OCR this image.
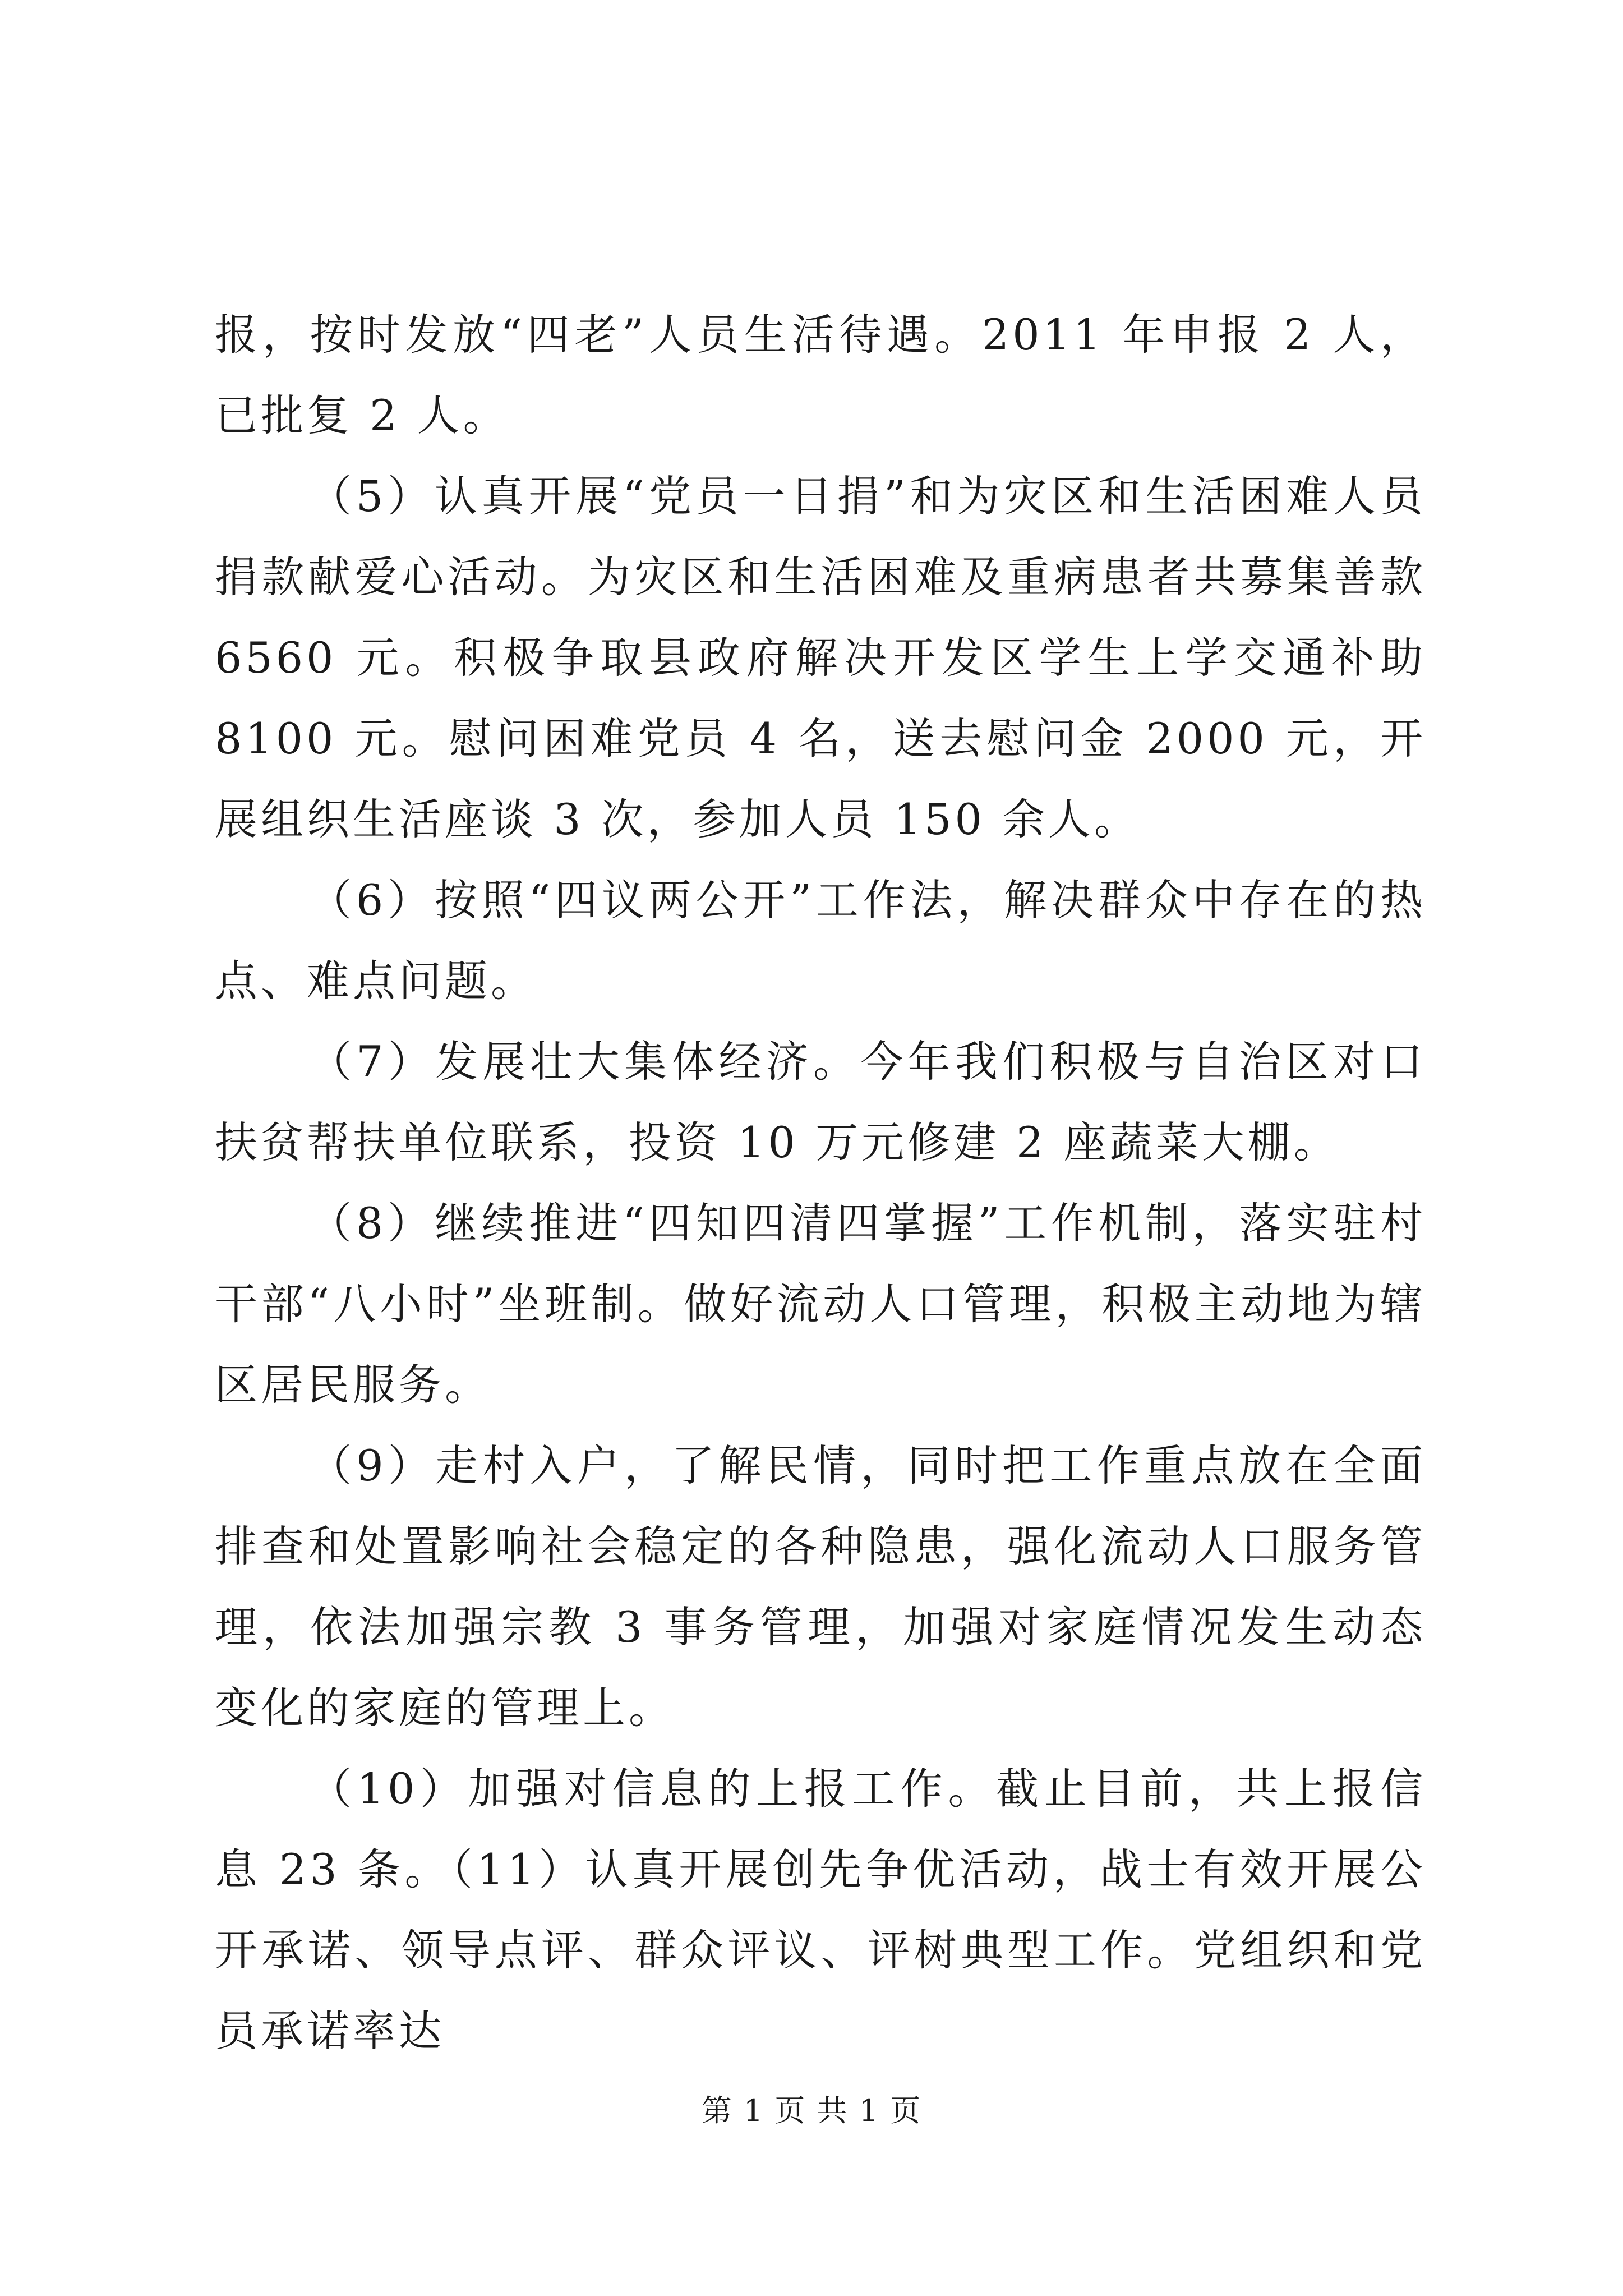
报，按时发放“四老”人员生活待遇。2011 年申报 2 人，已批复 2 人。

（5）认真开展“党员一日捐”和为灾区和生活困难人员捐款献爱心活动。为灾区和生活困难及重病患者共募集善款 6560 元。积极争取县政府解决开发区学生上学交通补助 8100 元。慰问困难党员 4 名，送去慰问金 2000 元，开展组织生活座谈 3 次，参加人员 150 余人。

（6）按照“四议两公开”工作法，解决群众中存在的热点、难点问题。

（7）发展壮大集体经济。今年我们积极与自治区对口扶贫帮扶单位联系，投资 10 万元修建 2 座蔬菜大棚。

（8）继续推进“四知四清四掌握”工作机制，落实驻村干部“八小时”坐班制。做好流动人口管理，积极主动地为辖区居民服务。

（9）走村入户，了解民情，同时把工作重点放在全面排查和处置影响社会稳定的各种隐患，强化流动人口服务管理，依法加强宗教 3 事务管理，加强对家庭情况发生动态变化的家庭的管理上。

（10）加强对信息的上报工作。截止目前，共上报信息 23 条。（11）认真开展创先争优活动，战士有效开展公开承诺、领导点评、群众评议、评树典型工作。党组织和党员承诺率达

第 1 页 共 1 页
